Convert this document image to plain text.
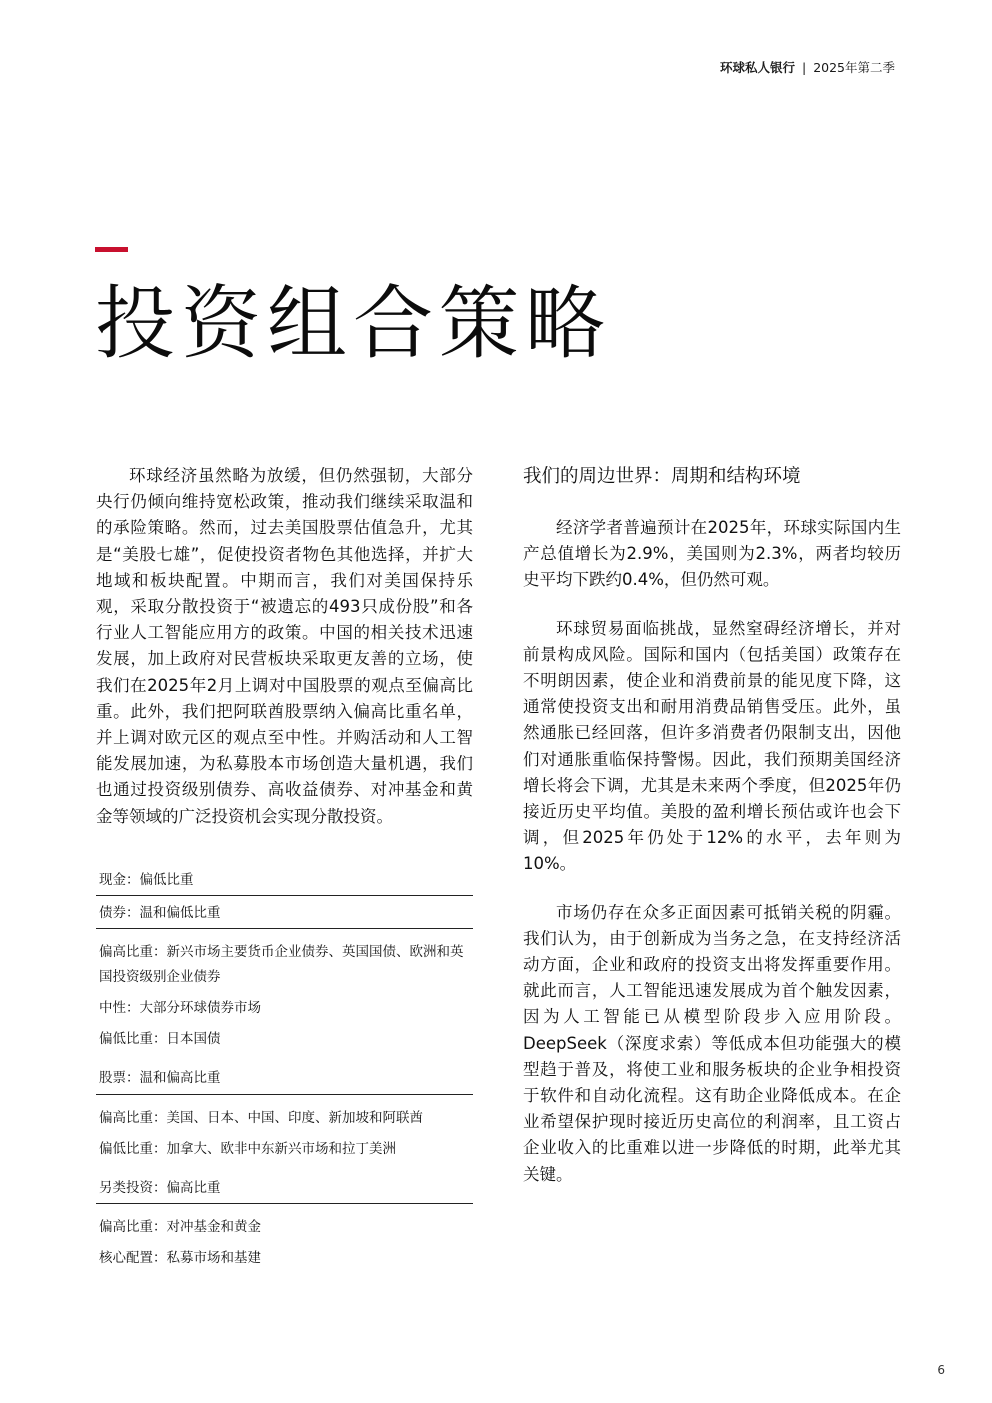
环球私人银行 | 2025年第二季
投资组合策略

环球经济虽然略为放缓，但仍然强韧，大部分央行仍倾向维持宽松政策，推动我们继续采取温和的承险策略。然而，过去美国股票估值急升，尤其是“美股七雄”，促使投资者物色其他选择，并扩大地域和板块配置。中期而言，我们对美国保持乐观，采取分散投资于“被遗忘的493只成份股”和各行业人工智能应用方的政策。中国的相关技术迅速发展，加上政府对民营板块采取更友善的立场，使我们在2025年2月上调对中国股票的观点至偏高比重。此外，我们把阿联酋股票纳入偏高比重名单，并上调对欧元区的观点至中性。并购活动和人工智能发展加速，为私募股本市场创造大量机遇，我们也通过投资级别债券、高收益债券、对冲基金和黄金等领域的广泛投资机会实现分散投资。

现金：偏低比重
债券：温和偏低比重
偏高比重：新兴市场主要货币企业债券、英国国债、欧洲和英国投资级别企业债券
中性：大部分环球债券市场
偏低比重：日本国债
股票：温和偏高比重
偏高比重：美国、日本、中国、印度、新加坡和阿联酋
偏低比重：加拿大、欧非中东新兴市场和拉丁美洲
另类投资：偏高比重
偏高比重：对冲基金和黄金
核心配置：私募市场和基建
我们的周边世界：周期和结构环境

经济学者普遍预计在2025年，环球实际国内生产总值增长为2.9%，美国则为2.3%，两者均较历史平均下跌约0.4%，但仍然可观。

环球贸易面临挑战，显然窒碍经济增长，并对前景构成风险。国际和国内（包括美国）政策存在不明朗因素，使企业和消费前景的能见度下降，这通常使投资支出和耐用消费品销售受压。此外，虽然通胀已经回落，但许多消费者仍限制支出，因他们对通胀重临保持警惕。因此，我们预期美国经济增长将会下调，尤其是未来两个季度，但2025年仍接近历史平均值。美股的盈利增长预估或许也会下调，但2025年仍处于12%的水平，去年则为10%。

市场仍存在众多正面因素可抵销关税的阴霾。我们认为，由于创新成为当务之急，在支持经济活动方面，企业和政府的投资支出将发挥重要作用。就此而言，人工智能迅速发展成为首个触发因素，因为人工智能已从模型阶段步入应用阶段。DeepSeek（深度求索）等低成本但功能强大的模型趋于普及，将使工业和服务板块的企业争相投资于软件和自动化流程。这有助企业降低成本。在企业希望保护现时接近历史高位的利润率，且工资占企业收入的比重难以进一步降低的时期，此举尤其关键。

6
